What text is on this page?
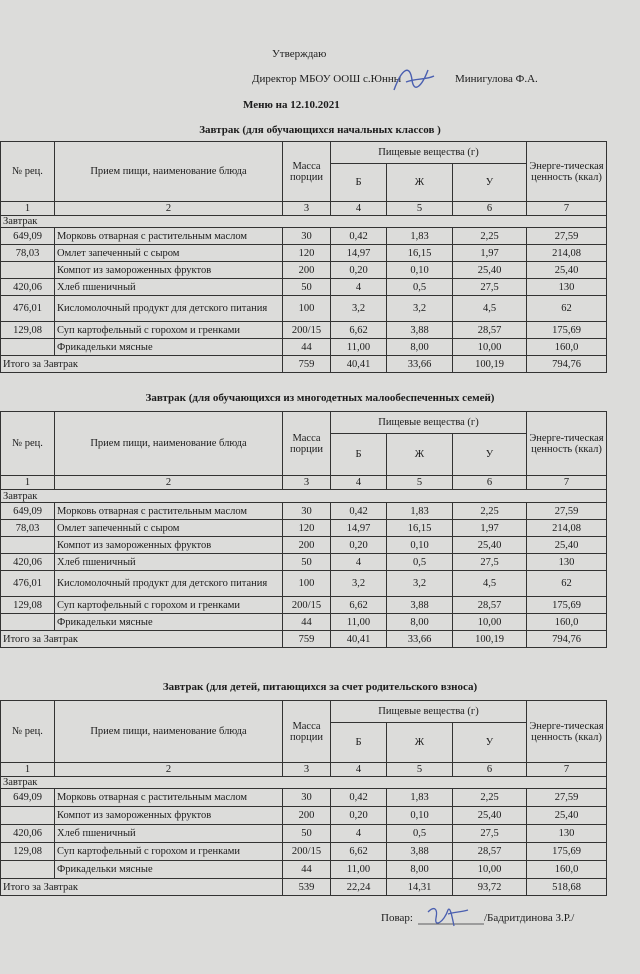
Утверждаю
Директор МБОУ ООШ с.Юнны	Минигулова Ф.А.
Меню на 12.10.2021
Завтрак (для обучающихся начальных классов )
№ рец.	Прием пищи, наименование блюда	Масса порции	Пищевые вещества (г)			Энерге-тическая ценность (ккал)
			Б	Ж	У	
1	2	3	4	5	6	7
Завтрак						
649,09	Морковь отварная с растительным маслом	30	0,42	1,83	2,25	27,59
78,03	Омлет запеченный с сыром	120	14,97	16,15	1,97	214,08
	Компот из замороженных фруктов	200	0,20	0,10	25,40	25,40
420,06	Хлеб пшеничный	50	4	0,5	27,5	130
476,01	Кисломолочный продукт для детского питания	100	3,2	3,2	4,5	62
129,08	Суп картофельный с горохом и гренками	200/15	6,62	3,88	28,57	175,69
	Фрикадельки мясные	44	11,00	8,00	10,00	160,0
Итого за Завтрак		759	40,41	33,66	100,19	794,76
Завтрак (для обучающихся из многодетных малообеспеченных семей)
№ рец.	Прием пищи, наименование блюда	Масса порции	Пищевые вещества (г)			Энерге-тическая ценность (ккал)
			Б	Ж	У	
1	2	3	4	5	6	7
Завтрак						
649,09	Морковь отварная с растительным маслом	30	0,42	1,83	2,25	27,59
78,03	Омлет запеченный с сыром	120	14,97	16,15	1,97	214,08
	Компот из замороженных фруктов	200	0,20	0,10	25,40	25,40
420,06	Хлеб пшеничный	50	4	0,5	27,5	130
476,01	Кисломолочный продукт для детского питания	100	3,2	3,2	4,5	62
129,08	Суп картофельный с горохом и гренками	200/15	6,62	3,88	28,57	175,69
	Фрикадельки мясные	44	11,00	8,00	10,00	160,0
Итого за Завтрак		759	40,41	33,66	100,19	794,76
Завтрак (для детей, питающихся за счет родительского взноса)
№ рец.	Прием пищи, наименование блюда	Масса порции	Пищевые вещества (г)			Энерге-тическая ценность (ккал)
			Б	Ж	У	
1	2	3	4	5	6	7
Завтрак						
649,09	Морковь отварная с растительным маслом	30	0,42	1,83	2,25	27,59
	Компот из замороженных фруктов	200	0,20	0,10	25,40	25,40
420,06	Хлеб пшеничный	50	4	0,5	27,5	130
129,08	Суп картофельный с горохом и гренками	200/15	6,62	3,88	28,57	175,69
	Фрикадельки мясные	44	11,00	8,00	10,00	160,0
Итого за Завтрак		539	22,24	14,31	93,72	518,68
Повар:	/Бадритдинова З.Р./
